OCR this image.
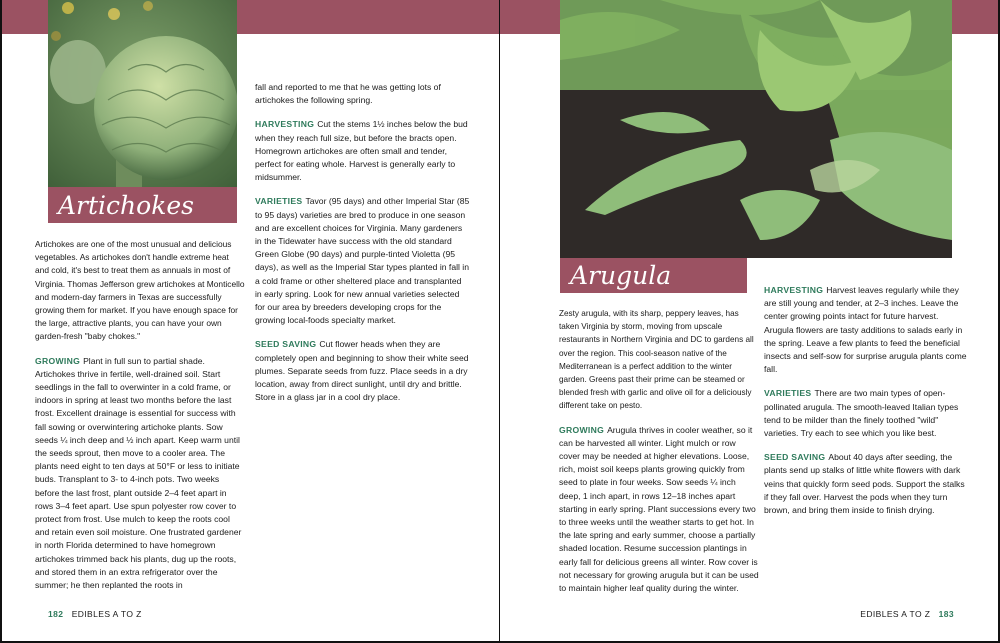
Artichokes

Artichokes are one of the most unusual and delicious vegetables. As artichokes don't handle extreme heat and cold, it's best to treat them as annuals in most of Virginia. Thomas Jefferson grew artichokes at Monticello and modern-day farmers in Texas are successfully growing them for market. If you have enough space for the large, attractive plants, you can have your own garden-fresh "baby chokes."

GROWING Plant in full sun to partial shade. Artichokes thrive in fertile, well-drained soil. Start seedlings in the fall to overwinter in a cold frame, or indoors in spring at least two months before the last frost. Excellent drainage is essential for success with fall sowing or overwintering artichoke plants. Sow seeds ¼ inch deep and ½ inch apart. Keep warm until the seeds sprout, then move to a cooler area. The plants need eight to ten days at 50°F or less to initiate buds. Transplant to 3- to 4-inch pots. Two weeks before the last frost, plant outside 2–4 feet apart in rows 3–4 feet apart. Use spun polyester row cover to protect from frost. Use mulch to keep the roots cool and retain even soil moisture. One frustrated gardener in north Florida determined to have homegrown artichokes trimmed back his plants, dug up the roots, and stored them in an extra refrigerator over the summer; he then replanted the roots in

fall and reported to me that he was getting lots of artichokes the following spring.

HARVESTING Cut the stems 1½ inches below the bud when they reach full size, but before the bracts open. Homegrown artichokes are often small and tender, perfect for eating whole. Harvest is generally early to midsummer.

VARIETIES Tavor (95 days) and other Imperial Star (85 to 95 days) varieties are bred to produce in one season and are excellent choices for Virginia. Many gardeners in the Tidewater have success with the old standard Green Globe (90 days) and purple-tinted Violetta (95 days), as well as the Imperial Star types planted in fall in a cold frame or other sheltered place and transplanted in early spring. Look for new annual varieties selected for our area by breeders developing crops for the growing local-foods specialty market.

SEED SAVING Cut flower heads when they are completely open and beginning to show their white seed plumes. Separate seeds from fuzz. Place seeds in a dry location, away from direct sunlight, until dry and brittle. Store in a glass jar in a cool dry place.

182 EDIBLES A TO Z
Arugula

Zesty arugula, with its sharp, peppery leaves, has taken Virginia by storm, moving from upscale restaurants in Northern Virginia and DC to gardens all over the region. This cool-season native of the Mediterranean is a perfect addition to the winter garden. Greens past their prime can be steamed or blended fresh with garlic and olive oil for a deliciously different take on pesto.

GROWING Arugula thrives in cooler weather, so it can be harvested all winter. Light mulch or row cover may be needed at higher elevations. Loose, rich, moist soil keeps plants growing quickly from seed to plate in four weeks. Sow seeds ¼ inch deep, 1 inch apart, in rows 12–18 inches apart starting in early spring. Plant successions every two to three weeks until the weather starts to get hot. In the late spring and early summer, choose a partially shaded location. Resume succession plantings in early fall for delicious greens all winter. Row cover is not necessary for growing arugula but it can be used to maintain higher leaf quality during the winter.

HARVESTING Harvest leaves regularly while they are still young and tender, at 2–3 inches. Leave the center growing points intact for future harvest. Arugula flowers are tasty additions to salads early in the spring. Leave a few plants to feed the beneficial insects and self-sow for surprise arugula plants come fall.

VARIETIES There are two main types of open-pollinated arugula. The smooth-leaved Italian types tend to be milder than the finely toothed "wild" varieties. Try each to see which you like best.

SEED SAVING About 40 days after seeding, the plants send up stalks of little white flowers with dark veins that quickly form seed pods. Support the stalks if they fall over. Harvest the pods when they turn brown, and bring them inside to finish drying.

EDIBLES A TO Z 183
